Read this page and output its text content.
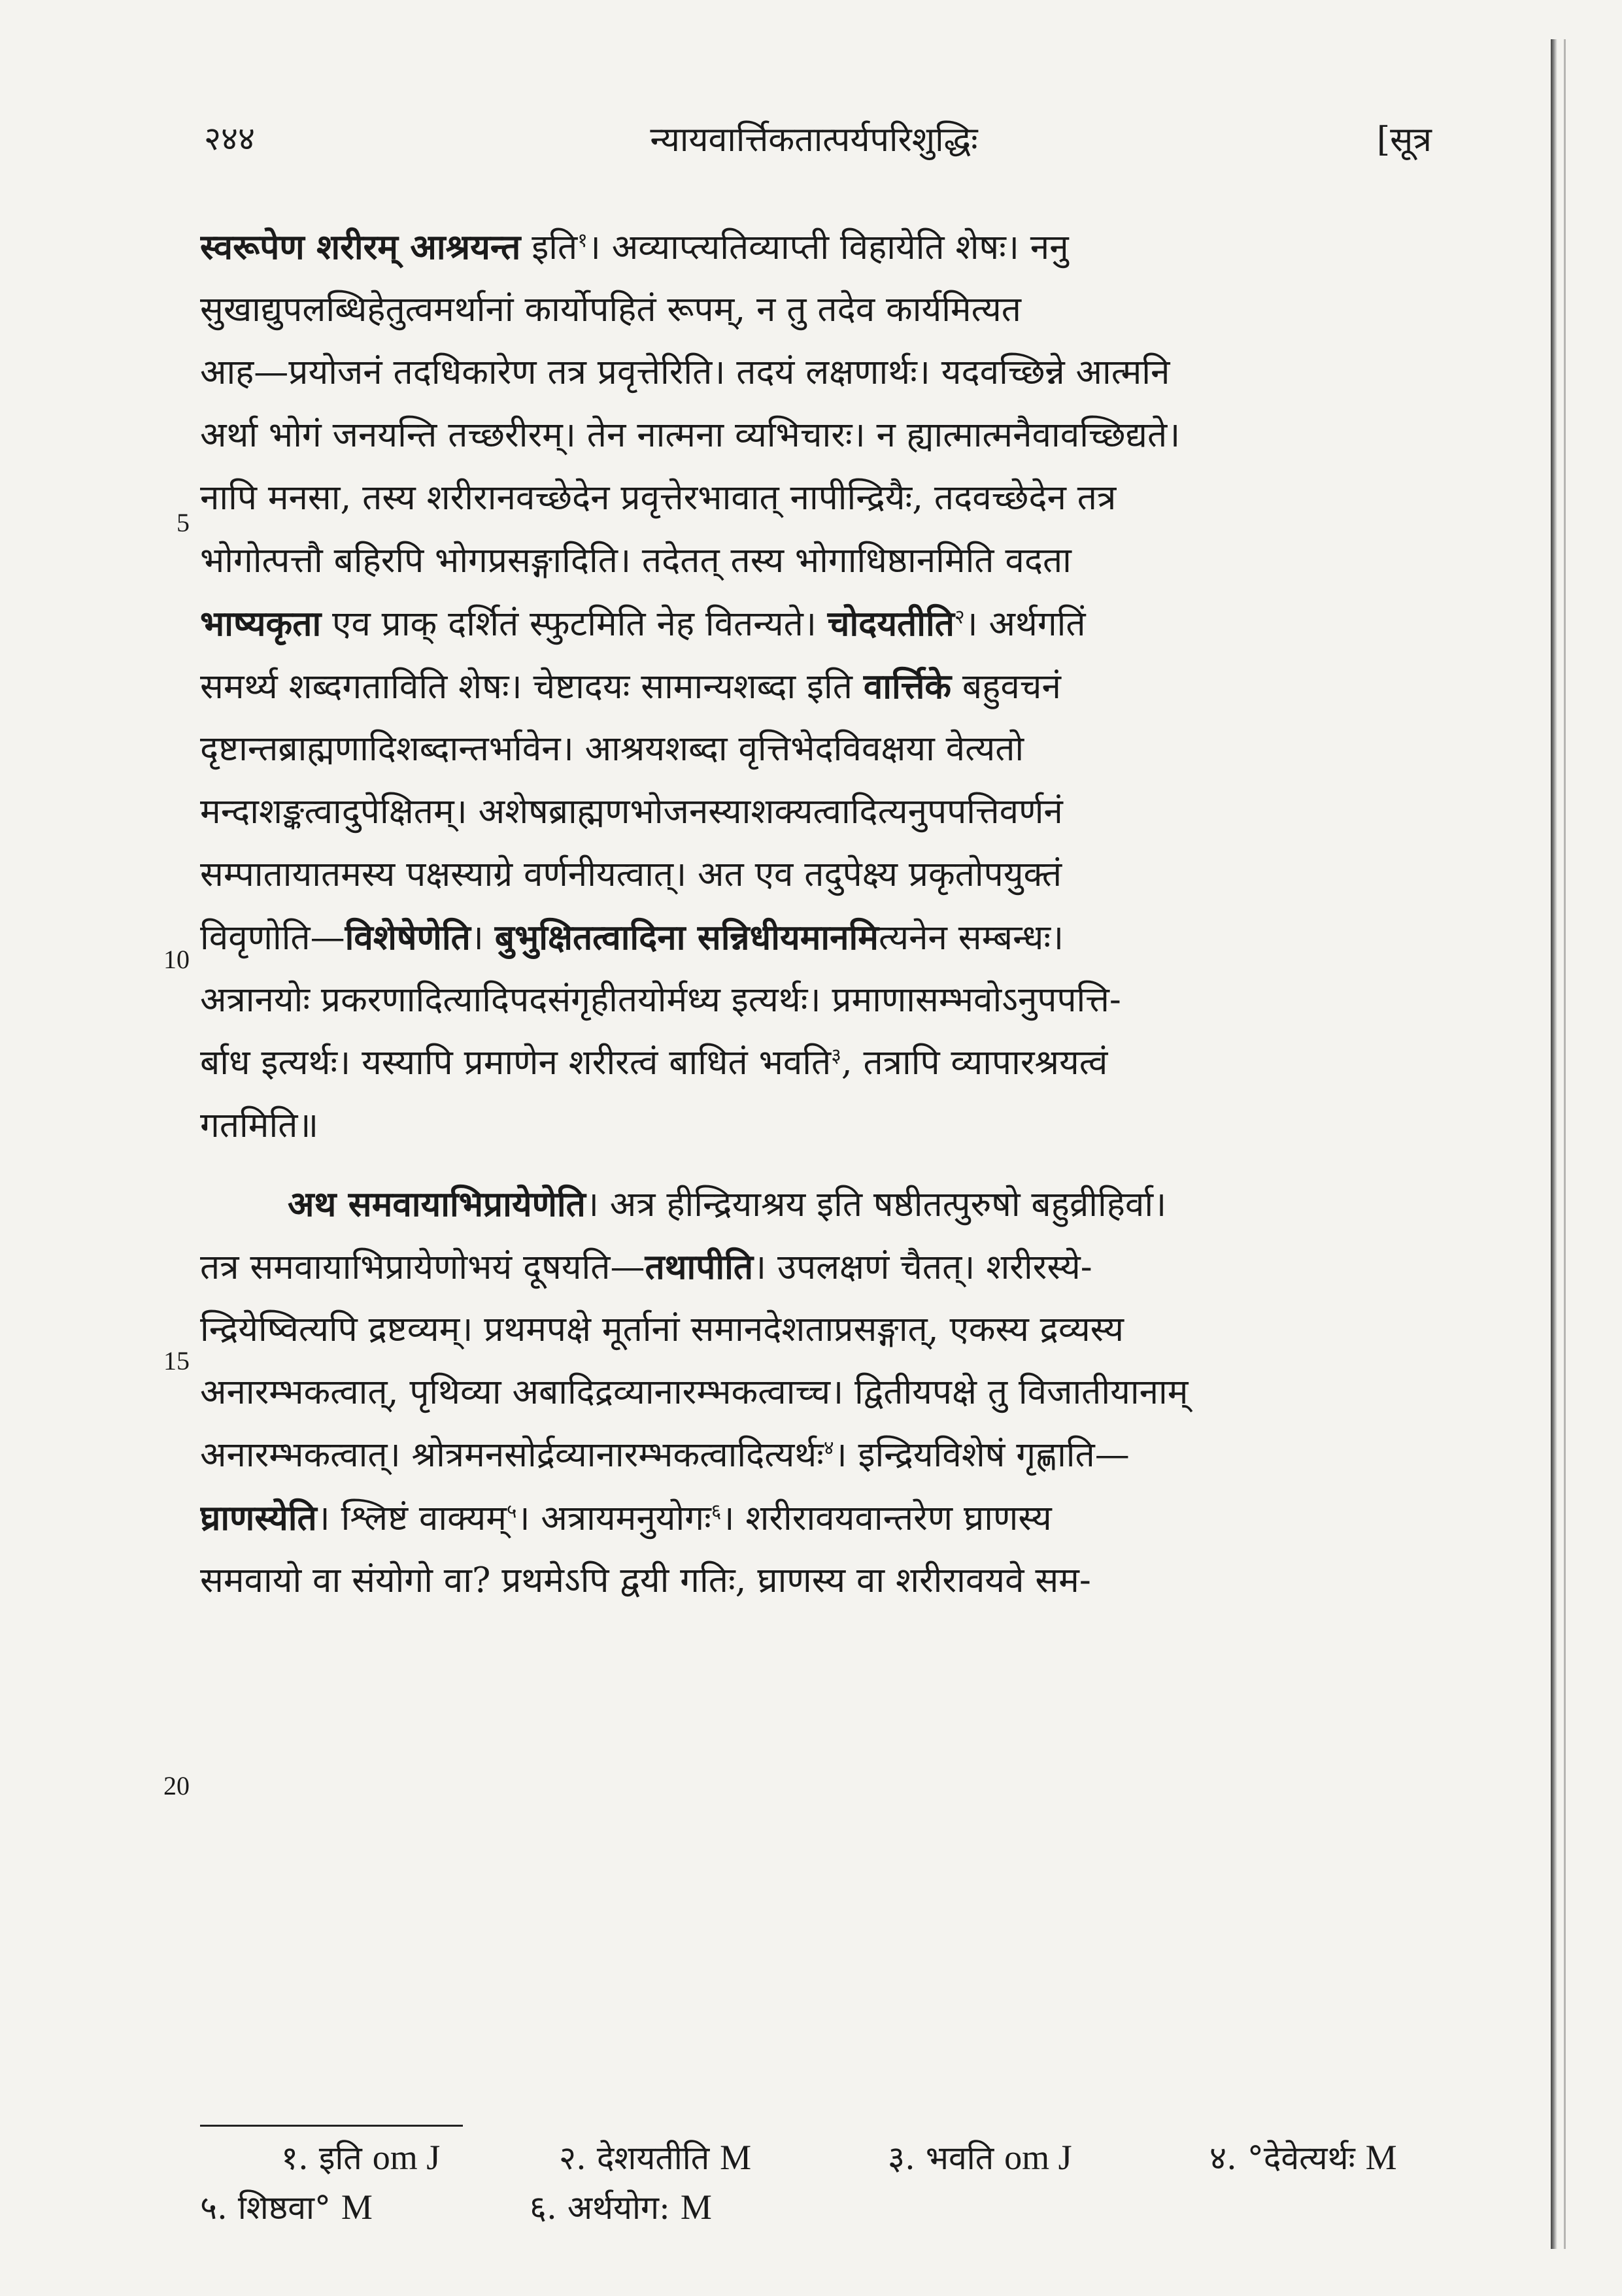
२४४	न्यायवार्त्तिकतात्पर्यपरिशुद्धिः	[सूत्र
स्वरूपेण शरीरम् आश्रयन्त इति$^१$। अव्याप्त्यतिव्याप्ती विहायेति शेषः। ननु
सुखाद्युपलब्धिहेतुत्वमर्थानां कार्योपहितं रूपम्, न तु तदेव कार्यमित्यत
आह—प्रयोजनं तदधिकारेण तत्र प्रवृत्तेरिति। तदयं लक्षणार्थः। यदवच्छिन्ने आत्मनि
अर्था भोगं जनयन्ति तच्छरीरम्। तेन नात्मना व्यभिचारः। न ह्यात्मात्मनैवावच्छिद्यते।
नापि मनसा, तस्य शरीरानवच्छेदेन प्रवृत्तेरभावात् नापीन्द्रियैः, तदवच्छेदेन तत्र
भोगोत्पत्तौ बहिरपि भोगप्रसङ्गादिति। तदेतत् तस्य भोगाधिष्ठानमिति वदता
भाष्यकृता एव प्राक् दर्शितं स्फुटमिति नेह वितन्यते। चोदयतीति$^२$। अर्थगतिं
समर्थ्य शब्दगताविति शेषः। चेष्टादयः सामान्यशब्दा इति वार्त्तिके बहुवचनं
दृष्टान्तब्राह्मणादिशब्दान्तर्भावेन। आश्रयशब्दा वृत्तिभेदविवक्षया वेत्यतो
मन्दाशङ्कत्वादुपेक्षितम्। अशेषब्राह्मणभोजनस्याशक्यत्वादित्यनुपपत्तिवर्णनं
सम्पातायातमस्य पक्षस्याग्रे वर्णनीयत्वात्। अत एव तदुपेक्ष्य प्रकृतोपयुक्तं
विवृणोति—विशेषेणेति। बुभुक्षितत्वादिना सन्निधीयमानमित्यनेन सम्बन्धः।
अत्रानयोः प्रकरणादित्यादिपदसंगृहीतयोर्मध्य इत्यर्थः। प्रमाणासम्भवोऽनुपपत्ति-
र्बाध इत्यर्थः। यस्यापि प्रमाणेन शरीरत्वं बाधितं भवति$^३$, तत्रापि व्यापारश्रयत्वं
गतमिति॥
अथ समवायाभिप्रायेणेति। अत्र हीन्द्रियाश्रय इति षष्ठीतत्पुरुषो बहुव्रीहिर्वा।
तत्र समवायाभिप्रायेणोभयं दूषयति—तथापीति। उपलक्षणं चैतत्। शरीरस्ये-
न्द्रियेष्वित्यपि द्रष्टव्यम्। प्रथमपक्षे मूर्तानां समानदेशताप्रसङ्गात्, एकस्य द्रव्यस्य
अनारम्भकत्वात्, पृथिव्या अबादिद्रव्यानारम्भकत्वाच्च। द्वितीयपक्षे तु विजातीयानाम्
अनारम्भकत्वात्। श्रोत्रमनसोर्द्रव्यानारम्भकत्वादित्यर्थः$^४$। इन्द्रियविशेषं गृह्णाति—
घ्राणस्येति। श्लिष्टं वाक्यम्$^५$। अत्रायमनुयोगः$^६$। शरीरावयवान्तरेण घ्राणस्य
समवायो वा संयोगो वा? प्रथमेऽपि द्वयी गतिः, घ्राणस्य वा शरीरावयवे सम-
5
10
15
20
१. इति om J	२. देशयतीति M	३. भवति om J	४. °देवेत्यर्थः M
५. शिष्ठवा° M	६. अर्थयोग: M
